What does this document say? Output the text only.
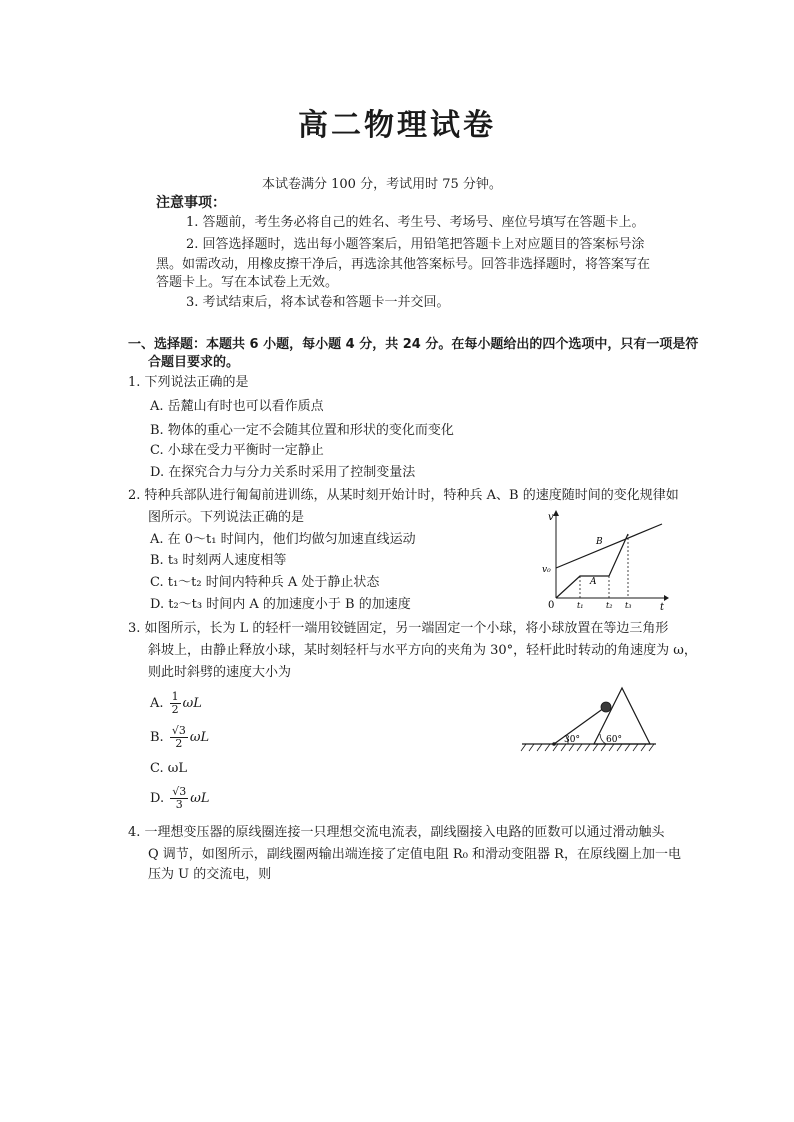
高二物理试卷
本试卷满分 100 分，考试用时 75 分钟。
注意事项：
1. 答题前，考生务必将自己的姓名、考生号、考场号、座位号填写在答题卡上。
2. 回答选择题时，选出每小题答案后，用铅笔把答题卡上对应题目的答案标号涂
黑。如需改动，用橡皮擦干净后，再选涂其他答案标号。回答非选择题时，将答案写在
答题卡上。写在本试卷上无效。
3. 考试结束后，将本试卷和答题卡一并交回。
一、选择题：本题共 6 小题，每小题 4 分，共 24 分。在每小题给出的四个选项中，只有一项是符
合题目要求的。
1. 下列说法正确的是
A. 岳麓山有时也可以看作质点
B. 物体的重心一定不会随其位置和形状的变化而变化
C. 小球在受力平衡时一定静止
D. 在探究合力与分力关系时采用了控制变量法
2. 特种兵部队进行匍匐前进训练，从某时刻开始计时，特种兵 A、B 的速度随时间的变化规律如
图所示。下列说法正确的是
A. 在 0～t₁ 时间内，他们均做匀加速直线运动
B. t₃ 时刻两人速度相等
C. t₁～t₂ 时间内特种兵 A 处于静止状态
D. t₂～t₃ 时间内 A 的加速度小于 B 的加速度
v
v₀
0	t
t₁	t₂ t₃
A
B
3. 如图所示，长为 L 的轻杆一端用铰链固定，另一端固定一个小球，将小球放置在等边三角形
斜坡上，由静止释放小球，某时刻轻杆与水平方向的夹角为 30°，轻杆此时转动的角速度为 ω，
则此时斜劈的速度大小为
A. $\frac{1}{2}$ ωL
B. $\frac{√3}{2}$ ωL
C. ωL
D. $\frac{√3}{3}$ ωL
30°	60°
4. 一理想变压器的原线圈连接一只理想交流电流表，副线圈接入电路的匝数可以通过滑动触头
Q 调节，如图所示，副线圈两输出端连接了定值电阻 R₀ 和滑动变阻器 R，在原线圈上加一电
压为 U 的交流电，则
